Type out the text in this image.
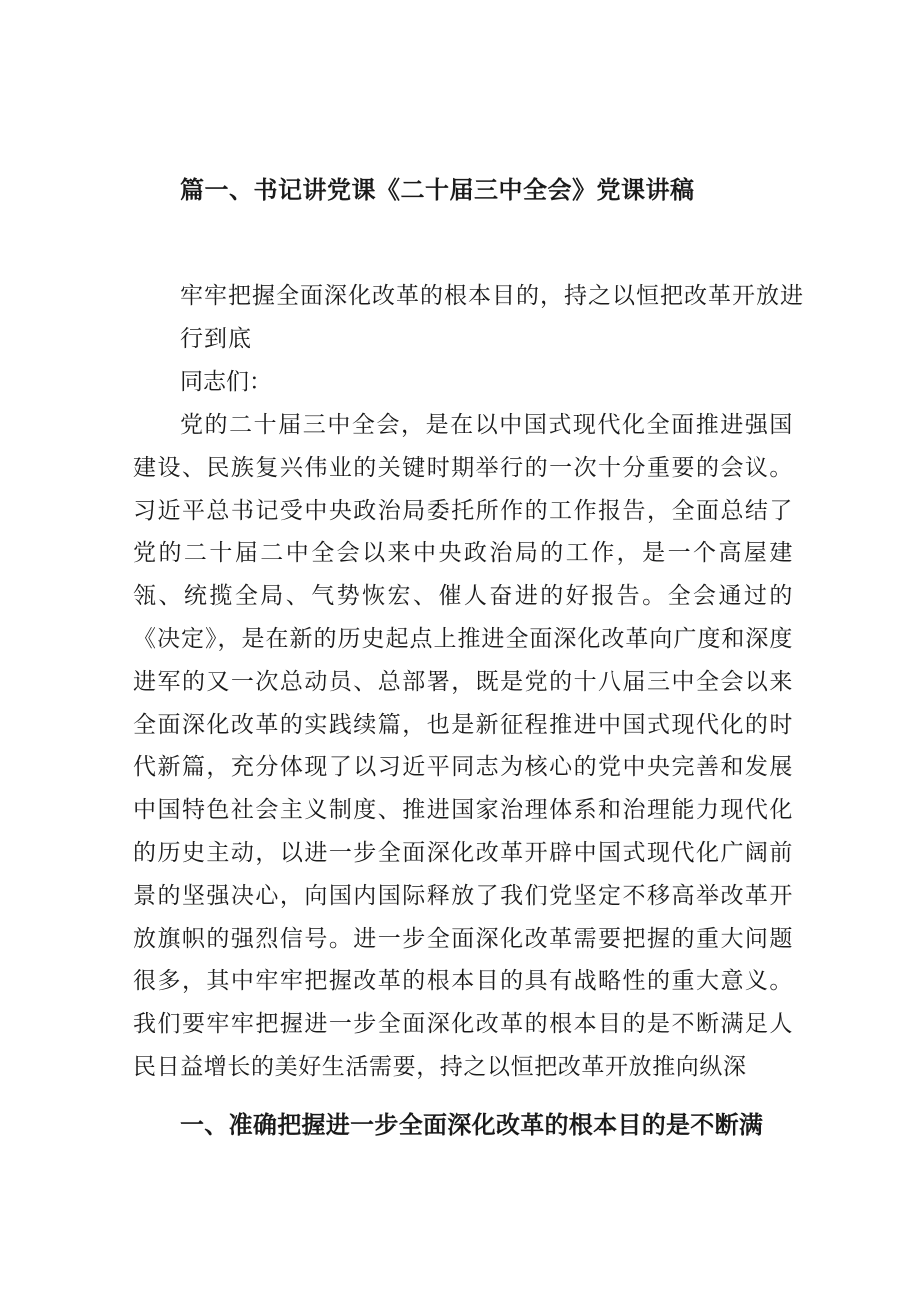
篇一、书记讲党课《二十届三中全会》党课讲稿
牢牢把握全面深化改革的根本目的，持之以恒把改革开放进行到底
同志们：
党的二十届三中全会，是在以中国式现代化全面推进强国建设、民族复兴伟业的关键时期举行的一次十分重要的会议。习近平总书记受中央政治局委托所作的工作报告，全面总结了党的二十届二中全会以来中央政治局的工作，是一个高屋建瓴、统揽全局、气势恢宏、催人奋进的好报告。全会通过的《决定》，是在新的历史起点上推进全面深化改革向广度和深度进军的又一次总动员、总部署，既是党的十八届三中全会以来全面深化改革的实践续篇，也是新征程推进中国式现代化的时代新篇，充分体现了以习近平同志为核心的党中央完善和发展中国特色社会主义制度、推进国家治理体系和治理能力现代化的历史主动，以进一步全面深化改革开辟中国式现代化广阔前景的坚强决心，向国内国际释放了我们党坚定不移高举改革开放旗帜的强烈信号。进一步全面深化改革需要把握的重大问题很多，其中牢牢把握改革的根本目的具有战略性的重大意义。我们要牢牢把握进一步全面深化改革的根本目的是不断满足人民日益增长的美好生活需要，持之以恒把改革开放推向纵深
一、准确把握进一步全面深化改革的根本目的是不断满
